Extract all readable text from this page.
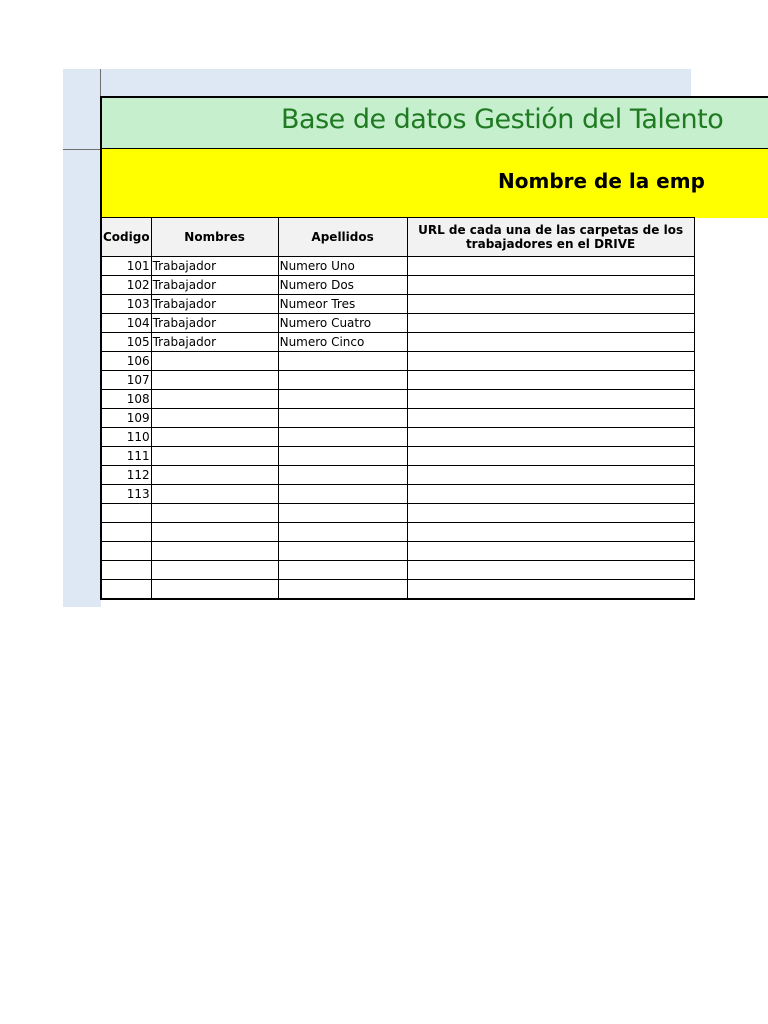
Base de datos Gestión del Talento
Nombre de la emp
Codigo	Nombres	Apellidos	URL de cada una de las carpetas de los trabajadores en el DRIVE
101	Trabajador	Numero Uno	
102	Trabajador	Numero Dos	
103	Trabajador	Numeor Tres	
104	Trabajador	Numero Cuatro	
105	Trabajador	Numero Cinco	
106			
107			
108			
109			
110			
111			
112			
113			
